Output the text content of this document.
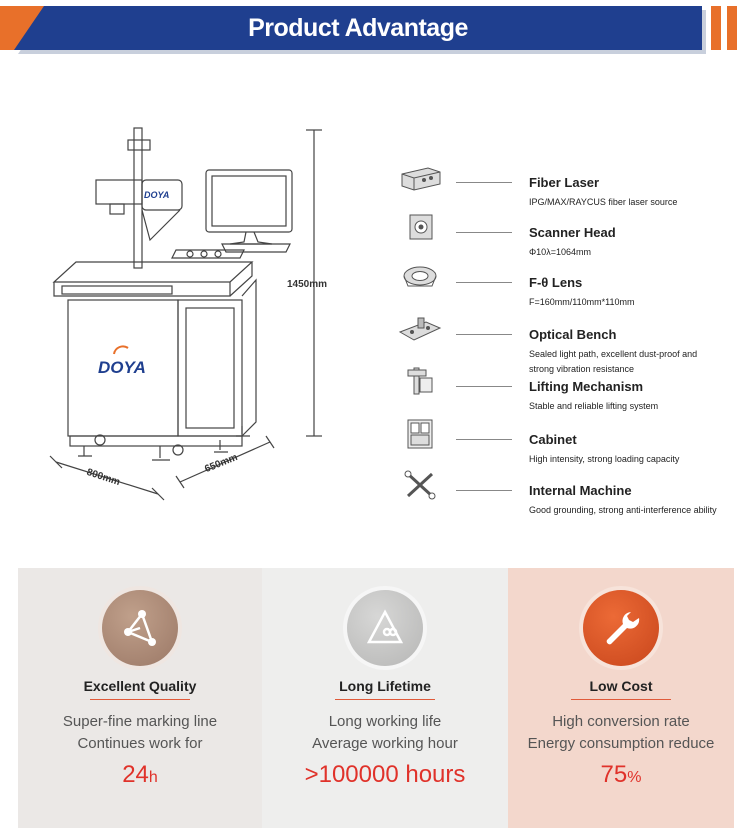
Product Advantage
DOYA
DOYA
1450mm
800mm
650mm
Fiber Laser
IPG/MAX/RAYCUS fiber laser source
Scanner Head
Φ10λ=1064mm
F-θ Lens
F=160mm/110mm*110mm
Optical Bench
Sealed light path, excellent dust-proof and strong vibration resistance
Lifting Mechanism
Stable and reliable lifting system
Cabinet
High intensity, strong loading capacity
Internal Machine
Good grounding, strong anti-interference ability
Excellent Quality
Super-fine marking line
Continues work for
24h
Long Lifetime
Long working life
Average working hour
>100000 hours
Low Cost
High conversion rate
Energy consumption reduce
75%
